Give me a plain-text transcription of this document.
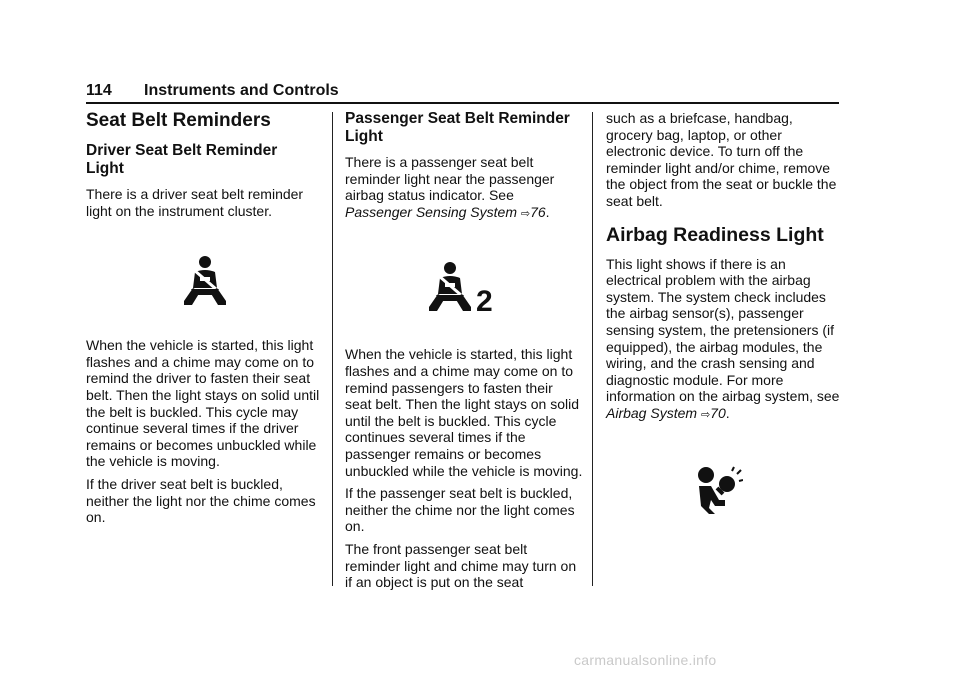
114 Instruments and Controls
Seat Belt Reminders
Driver Seat Belt Reminder Light

There is a driver seat belt reminder light on the instrument cluster.

When the vehicle is started, this light flashes and a chime may come on to remind the driver to fasten their seat belt. Then the light stays on solid until the belt is buckled. This cycle may continue several times if the driver remains or becomes unbuckled while the vehicle is moving.

If the driver seat belt is buckled, neither the light nor the chime comes on.

Passenger Seat Belt Reminder Light

There is a passenger seat belt reminder light near the passenger airbag status indicator. See
Passenger Sensing System ⇨76.

2

When the vehicle is started, this light flashes and a chime may come on to remind passengers to fasten their seat belt. Then the light stays on solid until the belt is buckled. This cycle continues several times if the passenger remains or becomes unbuckled while the vehicle is moving.

If the passenger seat belt is buckled, neither the chime nor the light comes on.

The front passenger seat belt reminder light and chime may turn on if an object is put on the seat

such as a briefcase, handbag, grocery bag, laptop, or other electronic device. To turn off the reminder light and/or chime, remove the object from the seat or buckle the seat belt.

Airbag Readiness Light

This light shows if there is an electrical problem with the airbag system. The system check includes the airbag sensor(s), passenger sensing system, the pretensioners (if equipped), the airbag modules, the wiring, and the crash sensing and diagnostic module. For more information on the airbag system, see Airbag System ⇨70.

carmanualsonline.info
